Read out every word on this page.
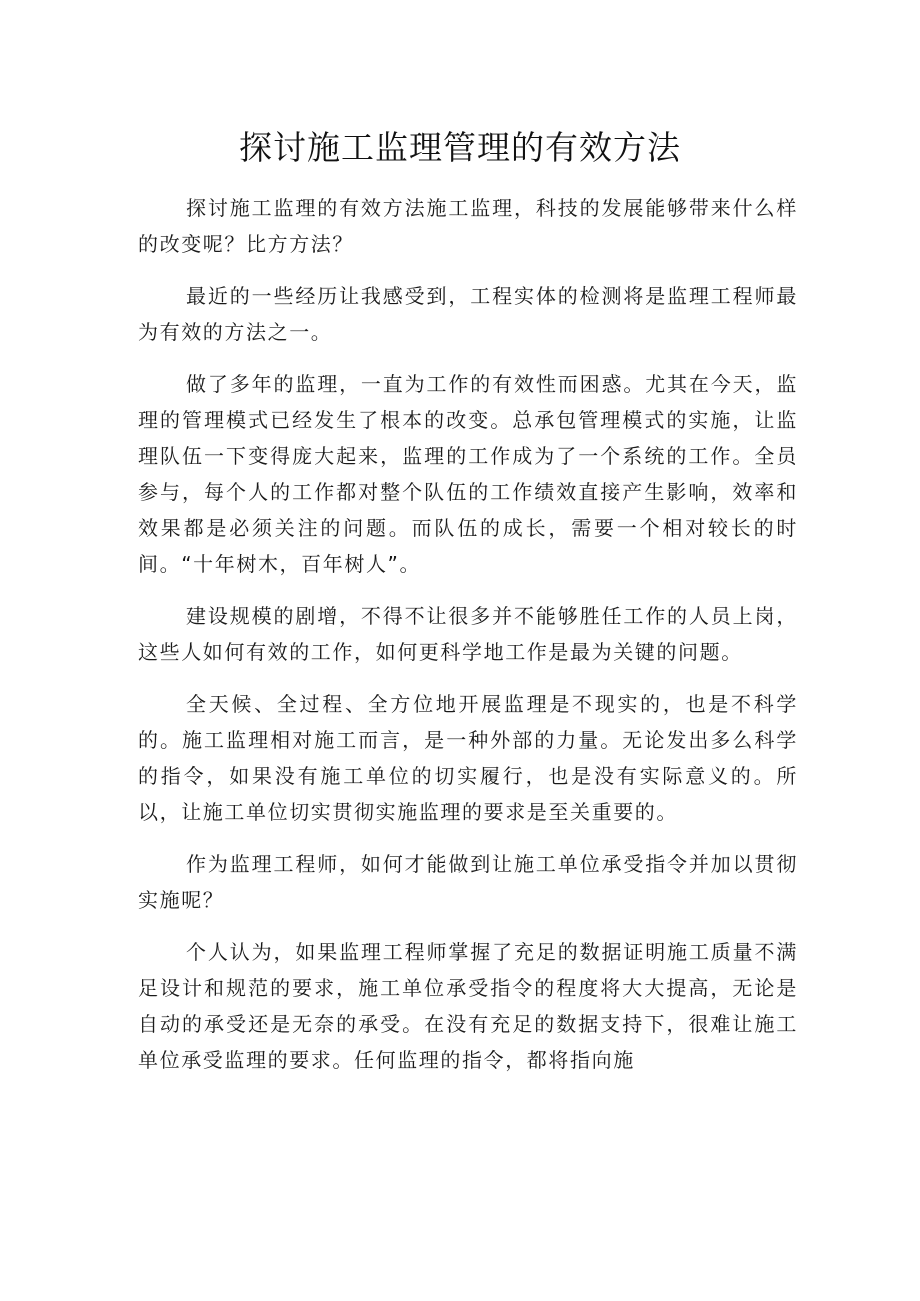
探讨施工监理管理的有效方法

探讨施工监理的有效方法施工监理，科技的发展能够带来什么样的改变呢？比方方法？

最近的一些经历让我感受到，工程实体的检测将是监理工程师最为有效的方法之一。

做了多年的监理，一直为工作的有效性而困惑。尤其在今天，监理的管理模式已经发生了根本的改变。总承包管理模式的实施，让监理队伍一下变得庞大起来，监理的工作成为了一个系统的工作。全员参与，每个人的工作都对整个队伍的工作绩效直接产生影响，效率和效果都是必须关注的问题。而队伍的成长，需要一个相对较长的时间。“十年树木，百年树人”。

建设规模的剧增，不得不让很多并不能够胜任工作的人员上岗，这些人如何有效的工作，如何更科学地工作是最为关键的问题。

全天候、全过程、全方位地开展监理是不现实的，也是不科学的。施工监理相对施工而言，是一种外部的力量。无论发出多么科学的指令，如果没有施工单位的切实履行，也是没有实际意义的。所以，让施工单位切实贯彻实施监理的要求是至关重要的。

作为监理工程师，如何才能做到让施工单位承受指令并加以贯彻实施呢？

个人认为，如果监理工程师掌握了充足的数据证明施工质量不满足设计和规范的要求，施工单位承受指令的程度将大大提高，无论是自动的承受还是无奈的承受。在没有充足的数据支持下，很难让施工单位承受监理的要求。任何监理的指令，都将指向施
